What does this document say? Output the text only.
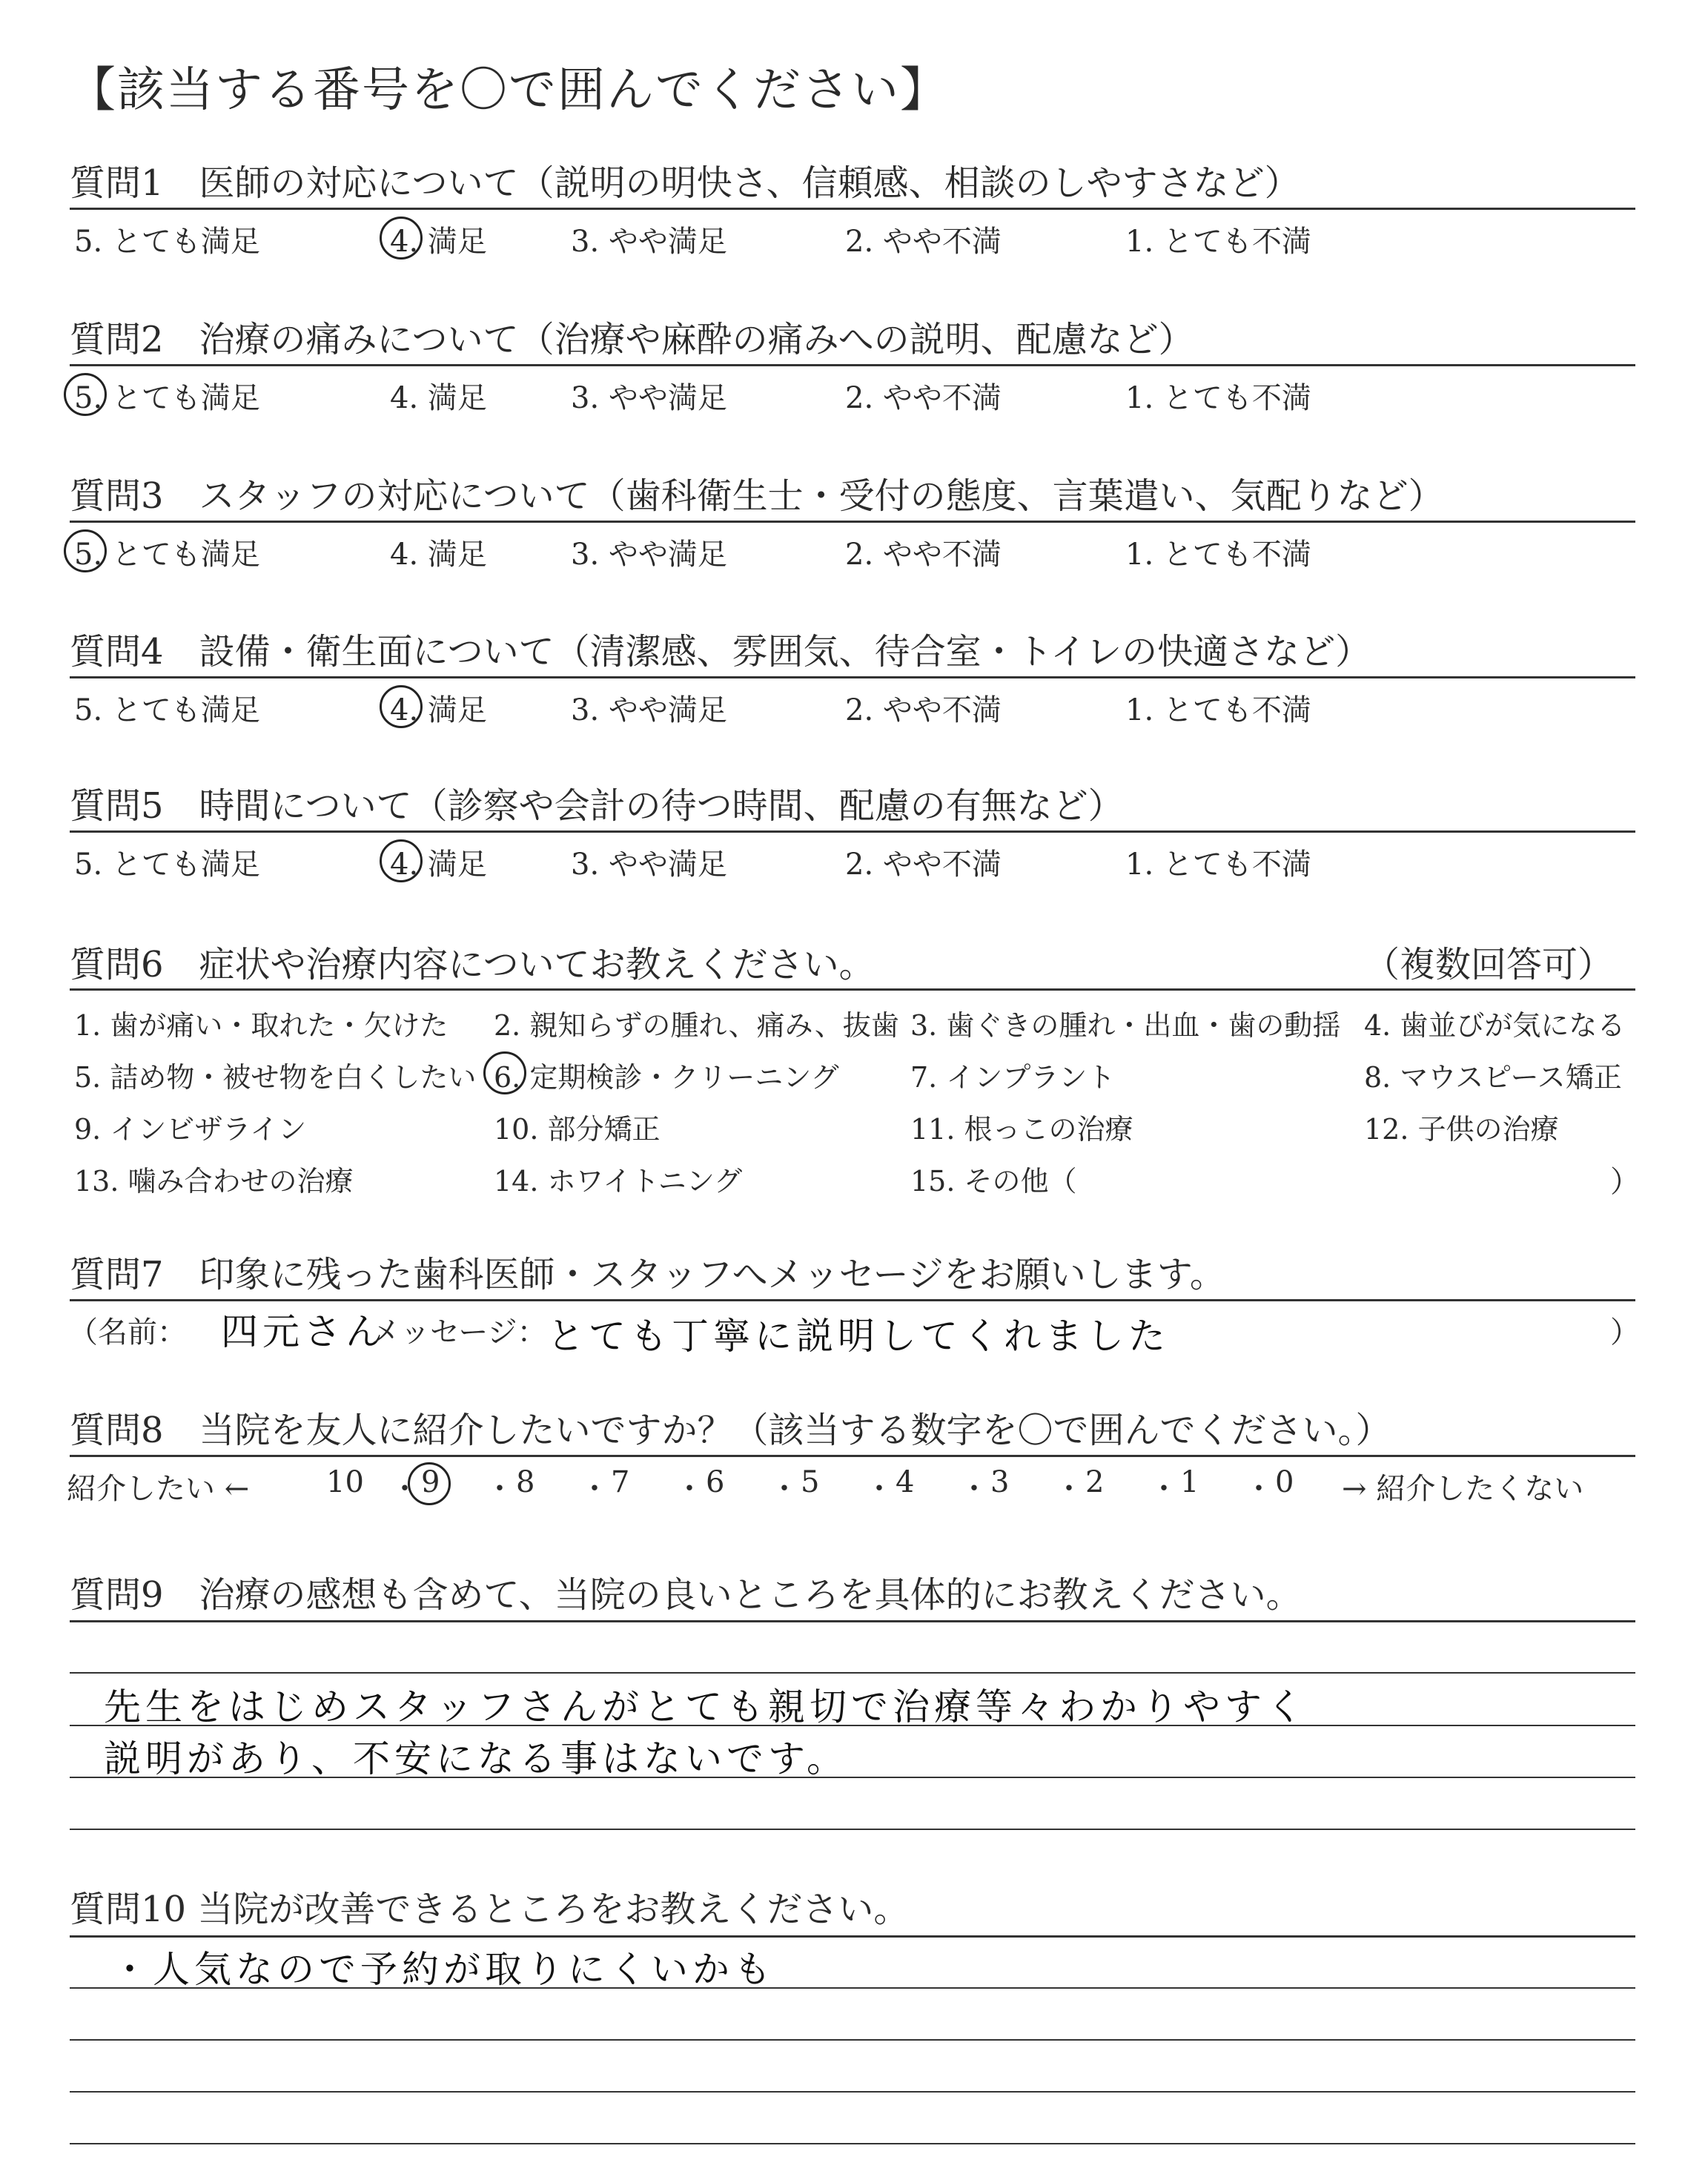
【該当する番号を〇で囲んでください】
質問1　医師の対応について（説明の明快さ、信頼感、相談のしやすさなど）
5. とても満足	4. 満足	3. やや満足	2. やや不満	1. とても不満
質問2　治療の痛みについて（治療や麻酔の痛みへの説明、配慮など）
5. とても満足	4. 満足	3. やや満足	2. やや不満	1. とても不満
質問3　スタッフの対応について（歯科衛生士・受付の態度、言葉遣い、気配りなど）
5. とても満足	4. 満足	3. やや満足	2. やや不満	1. とても不満
質問4　設備・衛生面について（清潔感、雰囲気、待合室・トイレの快適さなど）
5. とても満足	4. 満足	3. やや満足	2. やや不満	1. とても不満
質問5　時間について（診察や会計の待つ時間、配慮の有無など）
5. とても満足	4. 満足	3. やや満足	2. やや不満	1. とても不満
質問6　症状や治療内容についてお教えください。	（複数回答可）
1. 歯が痛い・取れた・欠けた 2. 親知らずの腫れ、痛み、抜歯 3. 歯ぐきの腫れ・出血・歯の動揺 4. 歯並びが気になる
5. 詰め物・被せ物を白くしたい 6. 定期検診・クリーニング	7. インプラント	8. マウスピース矯正
9. インビザライン	10. 部分矯正	11. 根っこの治療	12. 子供の治療
13. 噛み合わせの治療	14. ホワイトニング	15. その他（	）
質問7　印象に残った歯科医師・スタッフへメッセージをお願いします。
（名前： 四元さん
メッセージ： とても丁寧に説明してくれました	）
質問8　当院を友人に紹介したいですか？（該当する数字を〇で囲んでください。）
紹介したい ←	10 ・ 9 ・ 8 ・ 7 ・ 6 ・ 5 ・ 4 ・ 3 ・ 2 ・ 1 ・ 0 → 紹介したくない
質問9　治療の感想も含めて、当院の良いところを具体的にお教えください。
先生をはじめスタッフさんがとても親切で治療等々わかりやすく
説明があり、不安になる事はないです。
質問10 当院が改善できるところをお教えください。
・人気なので予約が取りにくいかも
